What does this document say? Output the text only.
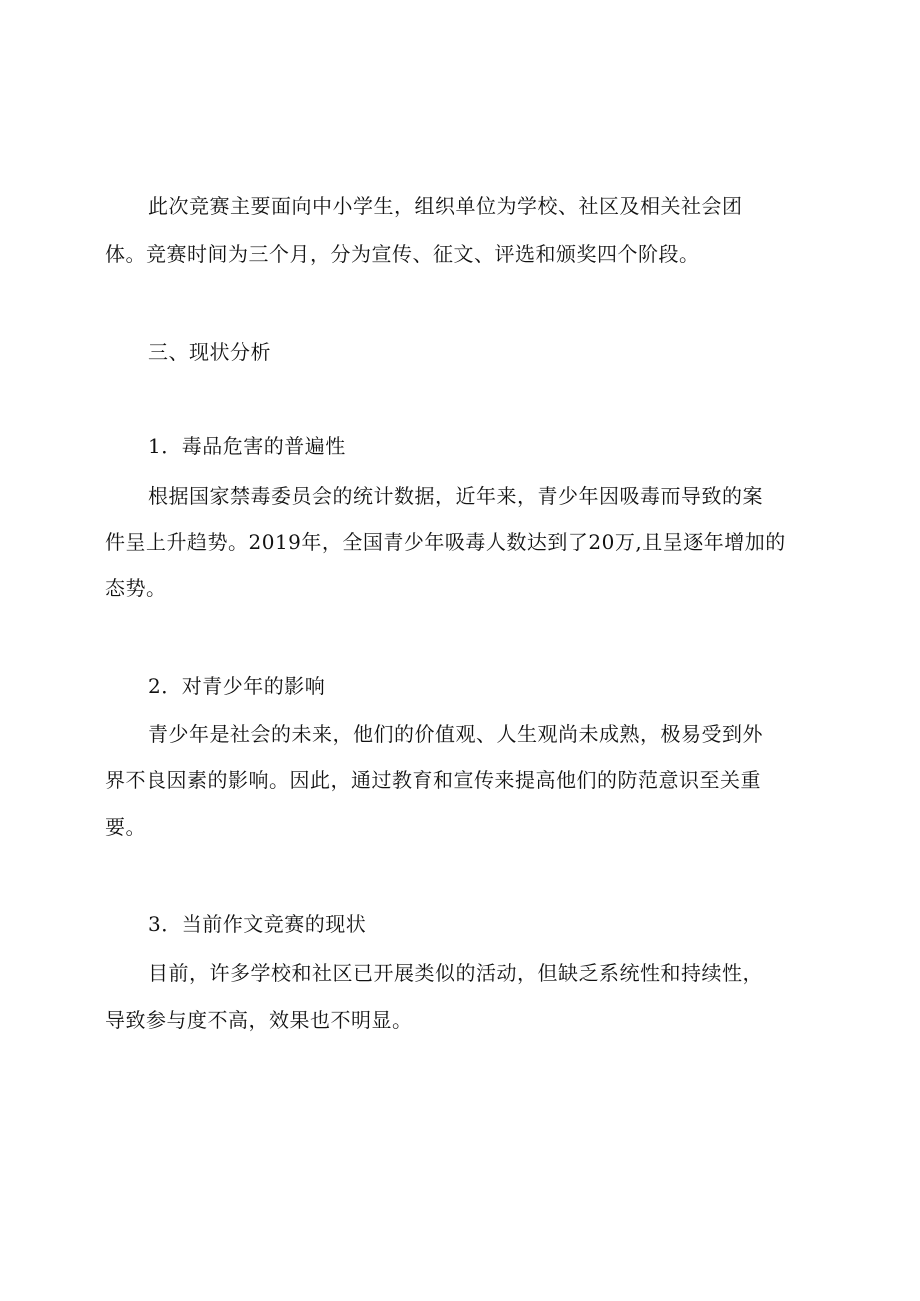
此次竞赛主要面向中小学生，组织单位为学校、社区及相关社会团
体。竞赛时间为三个月，分为宣传、征文、评选和颁奖四个阶段。
三、现状分析
1．毒品危害的普遍性
根据国家禁毒委员会的统计数据，近年来，青少年因吸毒而导致的案
件呈上升趋势。2019年，全国青少年吸毒人数达到了20万,且呈逐年增加的
态势。
2．对青少年的影响
青少年是社会的未来，他们的价值观、人生观尚未成熟，极易受到外
界不良因素的影响。因此，通过教育和宣传来提高他们的防范意识至关重
要。
3．当前作文竞赛的现状
目前，许多学校和社区已开展类似的活动，但缺乏系统性和持续性，
导致参与度不高，效果也不明显。
